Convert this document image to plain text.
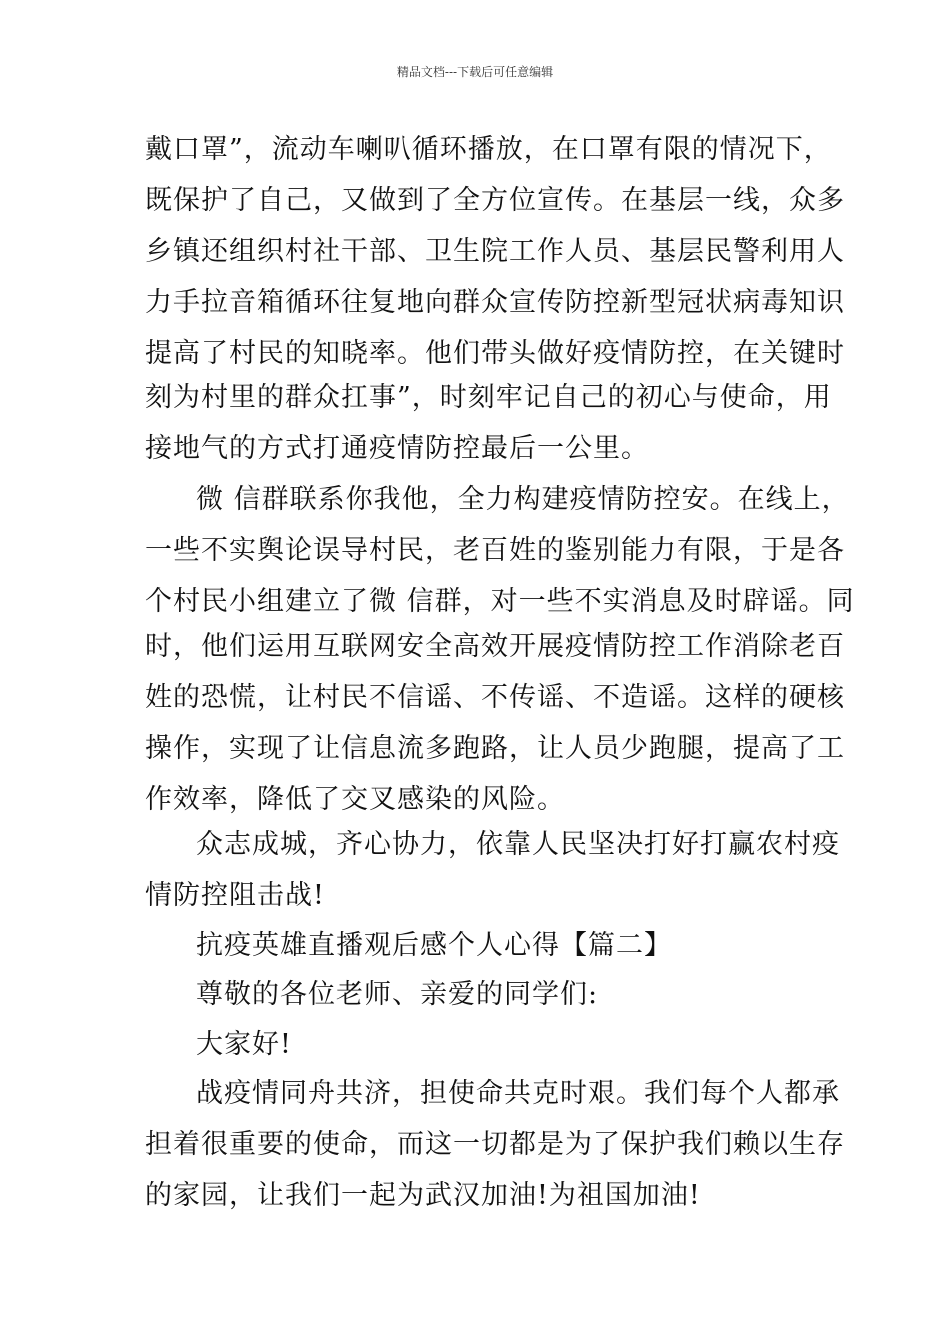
精品文档---下载后可任意编辑
戴口罩”，流动车喇叭循环播放，在口罩有限的情况下，
既保护了自己，又做到了全方位宣传。在基层一线，众多
乡镇还组织村社干部、卫生院工作人员、基层民警利用人
力手拉音箱循环往复地向群众宣传防控新型冠状病毒知识
提高了村民的知晓率。他们带头做好疫情防控，在关键时
刻为村里的群众扛事”，时刻牢记自己的初心与使命，用
接地气的方式打通疫情防控最后一公里。
微 信群联系你我他，全力构建疫情防控安。在线上，
一些不实舆论误导村民，老百姓的鉴别能力有限，于是各
个村民小组建立了微 信群，对一些不实消息及时辟谣。同
时，他们运用互联网安全高效开展疫情防控工作消除老百
姓的恐慌，让村民不信谣、不传谣、不造谣。这样的硬核
操作，实现了让信息流多跑路，让人员少跑腿，提高了工
作效率，降低了交叉感染的风险。
众志成城，齐心协力，依靠人民坚决打好打赢农村疫
情防控阻击战!
抗疫英雄直播观后感个人心得【篇二】
尊敬的各位老师、亲爱的同学们:
大家好!
战疫情同舟共济，担使命共克时艰。我们每个人都承
担着很重要的使命，而这一切都是为了保护我们赖以生存
的家园，让我们一起为武汉加油!为祖国加油!
